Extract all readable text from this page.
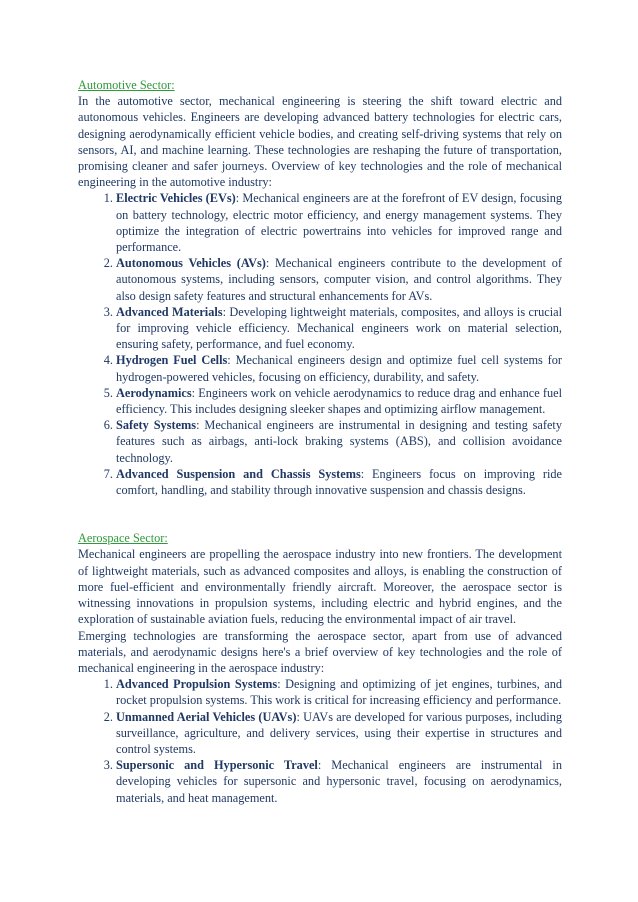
Automotive Sector:

In the automotive sector, mechanical engineering is steering the shift toward electric and autonomous vehicles. Engineers are developing advanced battery technologies for electric cars, designing aerodynamically efficient vehicle bodies, and creating self-driving systems that rely on sensors, AI, and machine learning. These technologies are reshaping the future of transportation, promising cleaner and safer journeys. Overview of key technologies and the role of mechanical engineering in the automotive industry:

1. Electric Vehicles (EVs): Mechanical engineers are at the forefront of EV design, focusing on battery technology, electric motor efficiency, and energy management systems. They optimize the integration of electric powertrains into vehicles for improved range and performance.
2. Autonomous Vehicles (AVs): Mechanical engineers contribute to the development of autonomous systems, including sensors, computer vision, and control algorithms. They also design safety features and structural enhancements for AVs.
3. Advanced Materials: Developing lightweight materials, composites, and alloys is crucial for improving vehicle efficiency. Mechanical engineers work on material selection, ensuring safety, performance, and fuel economy.
4. Hydrogen Fuel Cells: Mechanical engineers design and optimize fuel cell systems for hydrogen-powered vehicles, focusing on efficiency, durability, and safety.
5. Aerodynamics: Engineers work on vehicle aerodynamics to reduce drag and enhance fuel efficiency. This includes designing sleeker shapes and optimizing airflow management.
6. Safety Systems: Mechanical engineers are instrumental in designing and testing safety features such as airbags, anti-lock braking systems (ABS), and collision avoidance technology.
7. Advanced Suspension and Chassis Systems: Engineers focus on improving ride comfort, handling, and stability through innovative suspension and chassis designs.
Aerospace Sector:

Mechanical engineers are propelling the aerospace industry into new frontiers. The development of lightweight materials, such as advanced composites and alloys, is enabling the construction of more fuel-efficient and environmentally friendly aircraft. Moreover, the aerospace sector is witnessing innovations in propulsion systems, including electric and hybrid engines, and the exploration of sustainable aviation fuels, reducing the environmental impact of air travel.

Emerging technologies are transforming the aerospace sector, apart from use of advanced materials, and aerodynamic designs here's a brief overview of key technologies and the role of mechanical engineering in the aerospace industry:

1. Advanced Propulsion Systems: Designing and optimizing of jet engines, turbines, and rocket propulsion systems. This work is critical for increasing efficiency and performance.
2. Unmanned Aerial Vehicles (UAVs): UAVs are developed for various purposes, including surveillance, agriculture, and delivery services, using their expertise in structures and control systems.
3. Supersonic and Hypersonic Travel: Mechanical engineers are instrumental in developing vehicles for supersonic and hypersonic travel, focusing on aerodynamics, materials, and heat management.
